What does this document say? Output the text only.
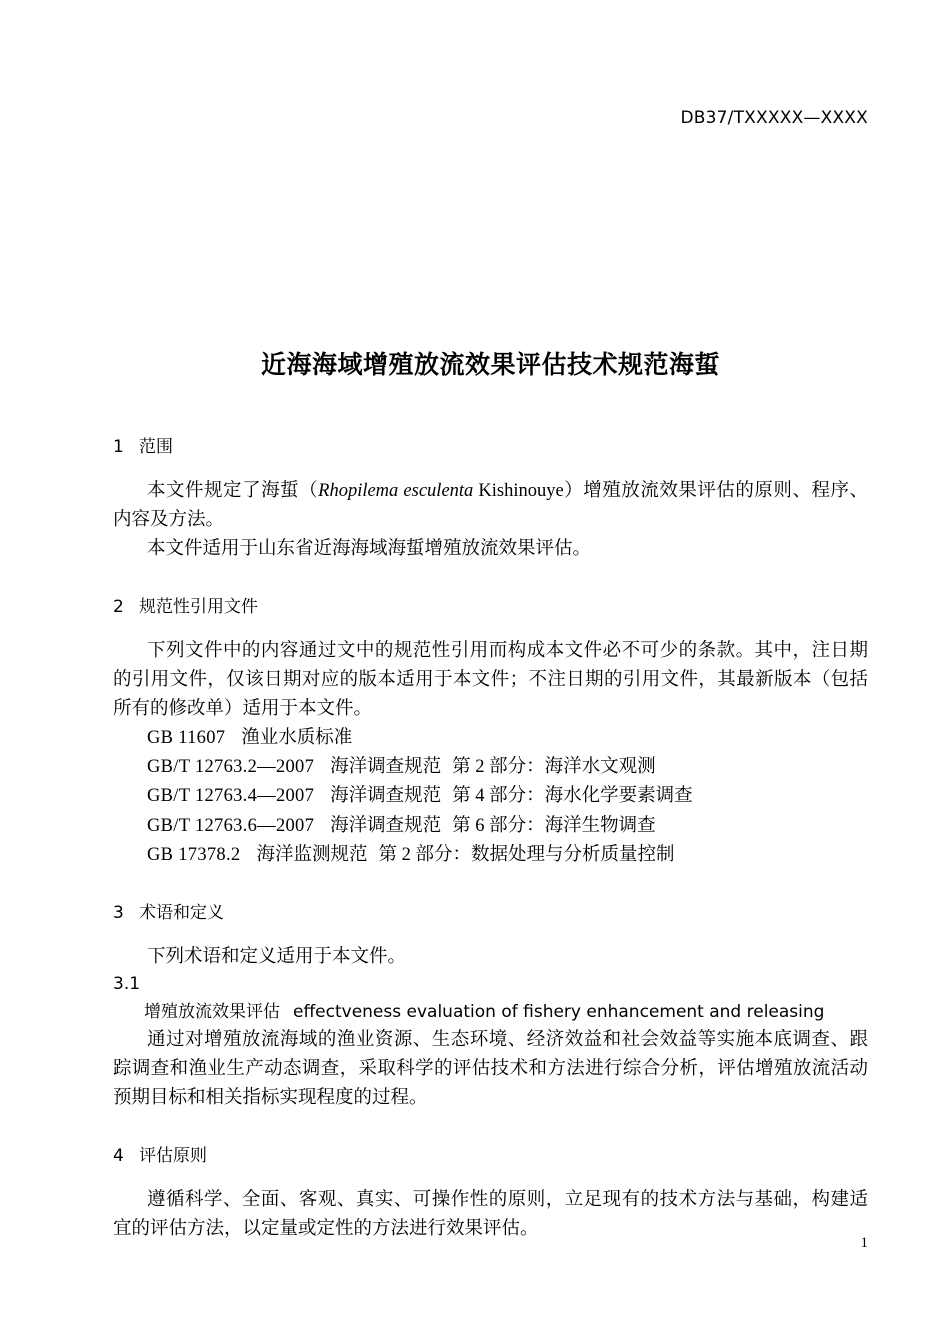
DB37/TXXXXX—XXXX
近海海域增殖放流效果评估技术规范海蜇
1 范围

本文件规定了海蜇（Rhopilema esculenta Kishinouye）增殖放流效果评估的原则、程序、内容及方法。

本文件适用于山东省近海海域海蜇增殖放流效果评估。

2 规范性引用文件

下列文件中的内容通过文中的规范性引用而构成本文件必不可少的条款。其中，注日期的引用文件，仅该日期对应的版本适用于本文件；不注日期的引用文件，其最新版本（包括所有的修改单）适用于本文件。

GB 11607 渔业水质标准
GB/T 12763.2—2007 海洋调查规范 第 2 部分：海洋水文观测
GB/T 12763.4—2007 海洋调查规范 第 4 部分：海水化学要素调查
GB/T 12763.6—2007 海洋调查规范 第 6 部分：海洋生物调查
GB 17378.2 海洋监测规范 第 2 部分：数据处理与分析质量控制
3 术语和定义

下列术语和定义适用于本文件。

3.1
增殖放流效果评估 effectveness evaluation of fishery enhancement and releasing

通过对增殖放流海域的渔业资源、生态环境、经济效益和社会效益等实施本底调查、跟踪调查和渔业生产动态调查，采取科学的评估技术和方法进行综合分析，评估增殖放流活动预期目标和相关指标实现程度的过程。

4 评估原则

遵循科学、全面、客观、真实、可操作性的原则，立足现有的技术方法与基础，构建适宜的评估方法，以定量或定性的方法进行效果评估。

1
